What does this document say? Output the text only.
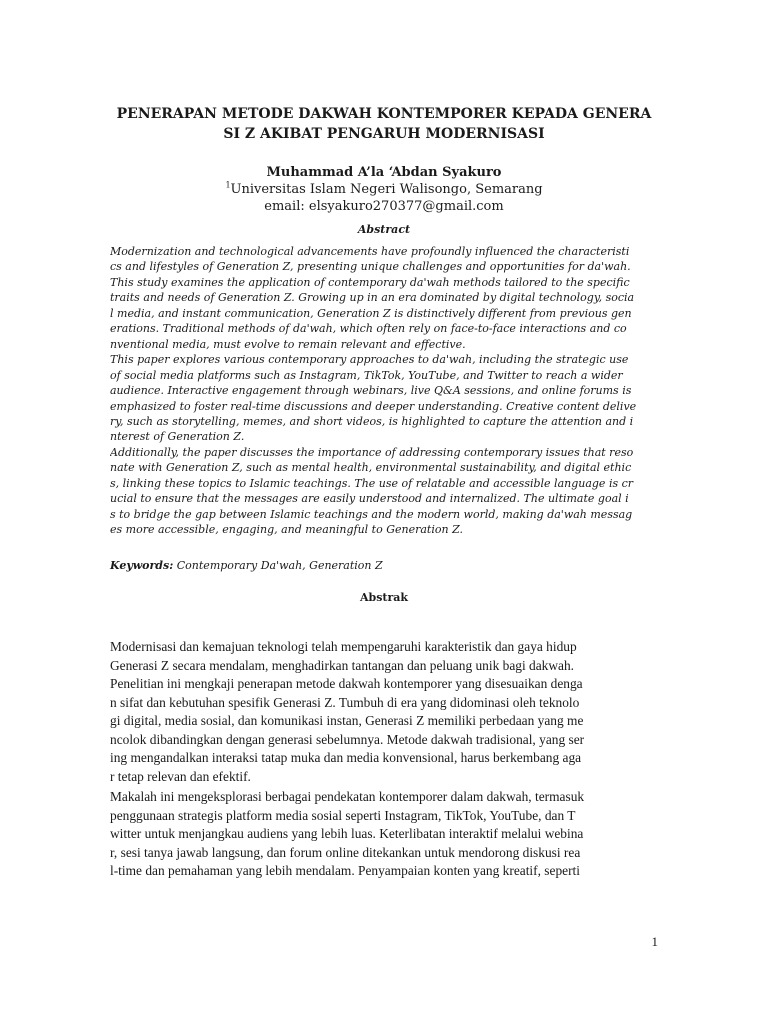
PENERAPAN METODE DAKWAH KONTEMPORER KEPADA GENERA
SI Z AKIBAT PENGARUH MODERNISASI
Muhammad A’la ‘Abdan Syakuro
$^1$Universitas Islam Negeri Walisongo, Semarang
email: elsyakuro270377@gmail.com
Abstract
Modernization and technological advancements have profoundly influenced the characteristi
cs and lifestyles of Generation Z, presenting unique challenges and opportunities for da'wah.
This study examines the application of contemporary da'wah methods tailored to the specific
traits and needs of Generation Z. Growing up in an era dominated by digital technology, socia
l media, and instant communication, Generation Z is distinctively different from previous gen
erations. Traditional methods of da'wah, which often rely on face-to-face interactions and co
nventional media, must evolve to remain relevant and effective.
This paper explores various contemporary approaches to da'wah, including the strategic use
of social media platforms such as Instagram, TikTok, YouTube, and Twitter to reach a wider
audience. Interactive engagement through webinars, live Q&A sessions, and online forums is
emphasized to foster real-time discussions and deeper understanding. Creative content delive
ry, such as storytelling, memes, and short videos, is highlighted to capture the attention and i
nterest of Generation Z.
Additionally, the paper discusses the importance of addressing contemporary issues that reso
nate with Generation Z, such as mental health, environmental sustainability, and digital ethic
s, linking these topics to Islamic teachings. The use of relatable and accessible language is cr
ucial to ensure that the messages are easily understood and internalized. The ultimate goal i
s to bridge the gap between Islamic teachings and the modern world, making da'wah messag
es more accessible, engaging, and meaningful to Generation Z.
Keywords: Contemporary Da'wah, Generation Z
Abstrak
Modernisasi dan kemajuan teknologi telah mempengaruhi karakteristik dan gaya hidup
Generasi Z secara mendalam, menghadirkan tantangan dan peluang unik bagi dakwah.
Penelitian ini mengkaji penerapan metode dakwah kontemporer yang disesuaikan denga
n sifat dan kebutuhan spesifik Generasi Z. Tumbuh di era yang didominasi oleh teknolo
gi digital, media sosial, dan komunikasi instan, Generasi Z memiliki perbedaan yang me
ncolok dibandingkan dengan generasi sebelumnya. Metode dakwah tradisional, yang ser
ing mengandalkan interaksi tatap muka dan media konvensional, harus berkembang aga
r tetap relevan dan efektif.
Makalah ini mengeksplorasi berbagai pendekatan kontemporer dalam dakwah, termasuk
penggunaan strategis platform media sosial seperti Instagram, TikTok, YouTube, dan T
witter untuk menjangkau audiens yang lebih luas. Keterlibatan interaktif melalui webina
r, sesi tanya jawab langsung, dan forum online ditekankan untuk mendorong diskusi rea
l-time dan pemahaman yang lebih mendalam. Penyampaian konten yang kreatif, seperti
1
